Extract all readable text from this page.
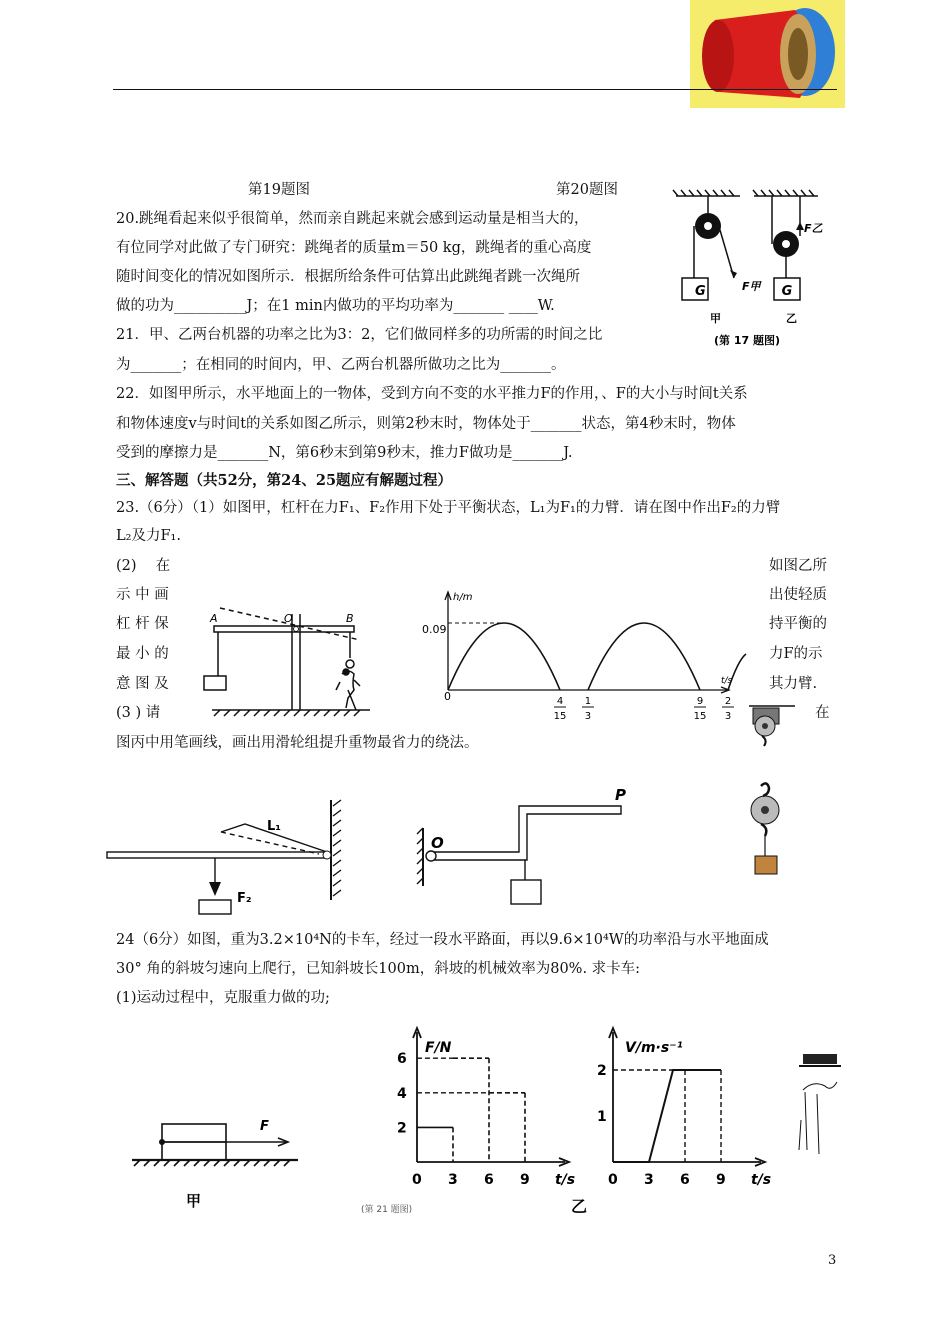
第19题图	第20题图
G	G
F甲
F乙
甲	乙
(第 17 题图)
20.跳绳看起来似乎很简单，然而亲自跳起来就会感到运动量是相当大的，
有位同学对此做了专门研究：跳绳者的质量m＝50 kg，跳绳者的重心高度
随时间变化的情况如图所示．根据所给条件可估算出此跳绳者跳一次绳所
做的功为__________J；在1 min内做功的平均功率为_______ ____W.
21．甲、乙两台机器的功率之比为3：2，它们做同样多的功所需的时间之比
为_______；在相同的时间内，甲、乙两台机器所做功之比为_______。
22．如图甲所示，水平地面上的一物体，受到方向不变的水平推力F的作用，、F的大小与时间t关系
和物体速度v与时间t的关系如图乙所示，则第2秒末时，物体处于_______状态，第4秒末时，物体
受到的摩擦力是_______N，第6秒末到第9秒末，推力F做功是_______J.
三、解答题（共52分，第24、25题应有解题过程）
23.（6分）（1）如图甲，杠杆在力F₁、F₂作用下处于平衡状态，L₁为F₁的力臂．请在图中作出F₂的力臂
L₂及力F₁.
(2)　 在
示 中 画
杠 杆 保
最 小 的
意 图 及
(3 ) 请
如图乙所
出使轻质
持平衡的
力F的示
其力臂.
在
图丙中用笔画线，画出用滑轮组提升重物最省力的绕法。
A	O	B
h/m
t/s
0.09
0	4
15
1
3
9
15
2
3
L₁
F₂
O
P
24（6分）如图，重为3.2×10⁴N的卡车，经过一段水平路面，再以9.6×10⁴W的功率沿与水平地面成
30° 角的斜坡匀速向上爬行，已知斜坡长100m，斜坡的机械效率为80%. 求卡车:
(1)运动过程中，克服重力做的功;
F
甲
2
4
6
0 3 6 9
1
2
0 3 6 9
F/N	V/m·s⁻¹
t/s	t/s
乙
(第 21 题图)
3
